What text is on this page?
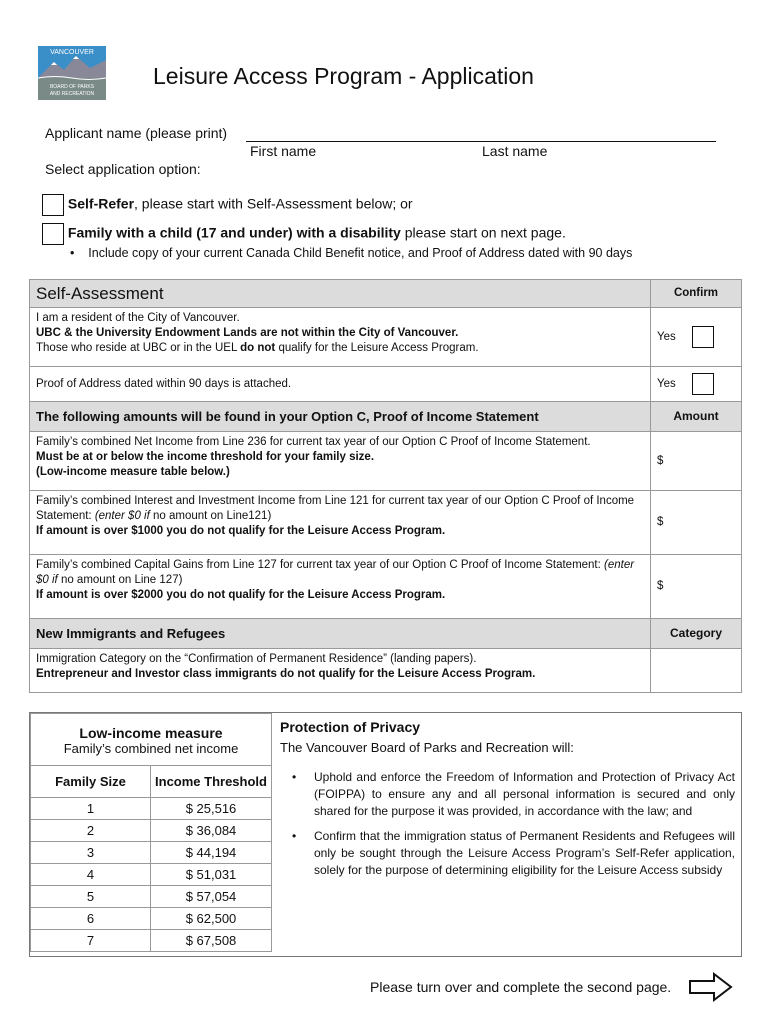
VANCOUVER
BOARD OF PARKS
AND RECREATION
Leisure Access Program - Application
Applicant name (please print)
First name	Last name
Select application option:
Self-Refer, please start with Self-Assessment below; or
Family with a child (17 and under) with a disability please start on next page.
•    Include copy of your current Canada Child Benefit notice, and Proof of Address dated with 90 days
Self-Assessment	Confirm

I am a resident of the City of Vancouver.
UBC & the University Endowment Lands are not within the City of Vancouver.
Those who reside at UBC or in the UEL do not qualify for the Leisure Access Program.	Yes
Proof of Address dated within 90 days is attached.	Yes
The following amounts will be found in your Option C, Proof of Income Statement	Amount

Family’s combined Net Income from Line 236 for current tax year of our Option C Proof of Income Statement.
Must be at or below the income threshold for your family size.
(Low-income measure table below.)	$
Family’s combined Interest and Investment Income from Line 121 for current tax year of our Option C Proof of Income Statement: (enter $0 if no amount on Line121)
If amount is over $1000 you do not qualify for the Leisure Access Program.	$
Family’s combined Capital Gains from Line 127 for current tax year of our Option C Proof of Income Statement: (enter $0 if no amount on Line 127)
If amount is over $2000 you do not qualify for the Leisure Access Program.	$
New Immigrants and Refugees	Category

Immigration Category on the “Confirmation of Permanent Residence” (landing papers).
Entrepreneur and Investor class immigrants do not qualify for the Leisure Access Program.	
Low-income measure
Family’s combined net income
Family Size	Income Threshold
1	$ 25,516
2	$ 36,084
3	$ 44,194
4	$ 51,031
5	$ 57,054
6	$ 62,500
7	$ 67,508
Protection of Privacy
The Vancouver Board of Parks and Recreation will:
• Uphold and enforce the Freedom of Information and Protection of Privacy Act (FOIPPA) to ensure any and all personal information is secured and only shared for the purpose it was provided, in accordance with the law; and
• Confirm that the immigration status of Permanent Residents and Refugees will only be sought through the Leisure Access Program’s Self-Refer application, solely for the purpose of determining eligibility for the Leisure Access subsidy
Please turn over and complete the second page.
